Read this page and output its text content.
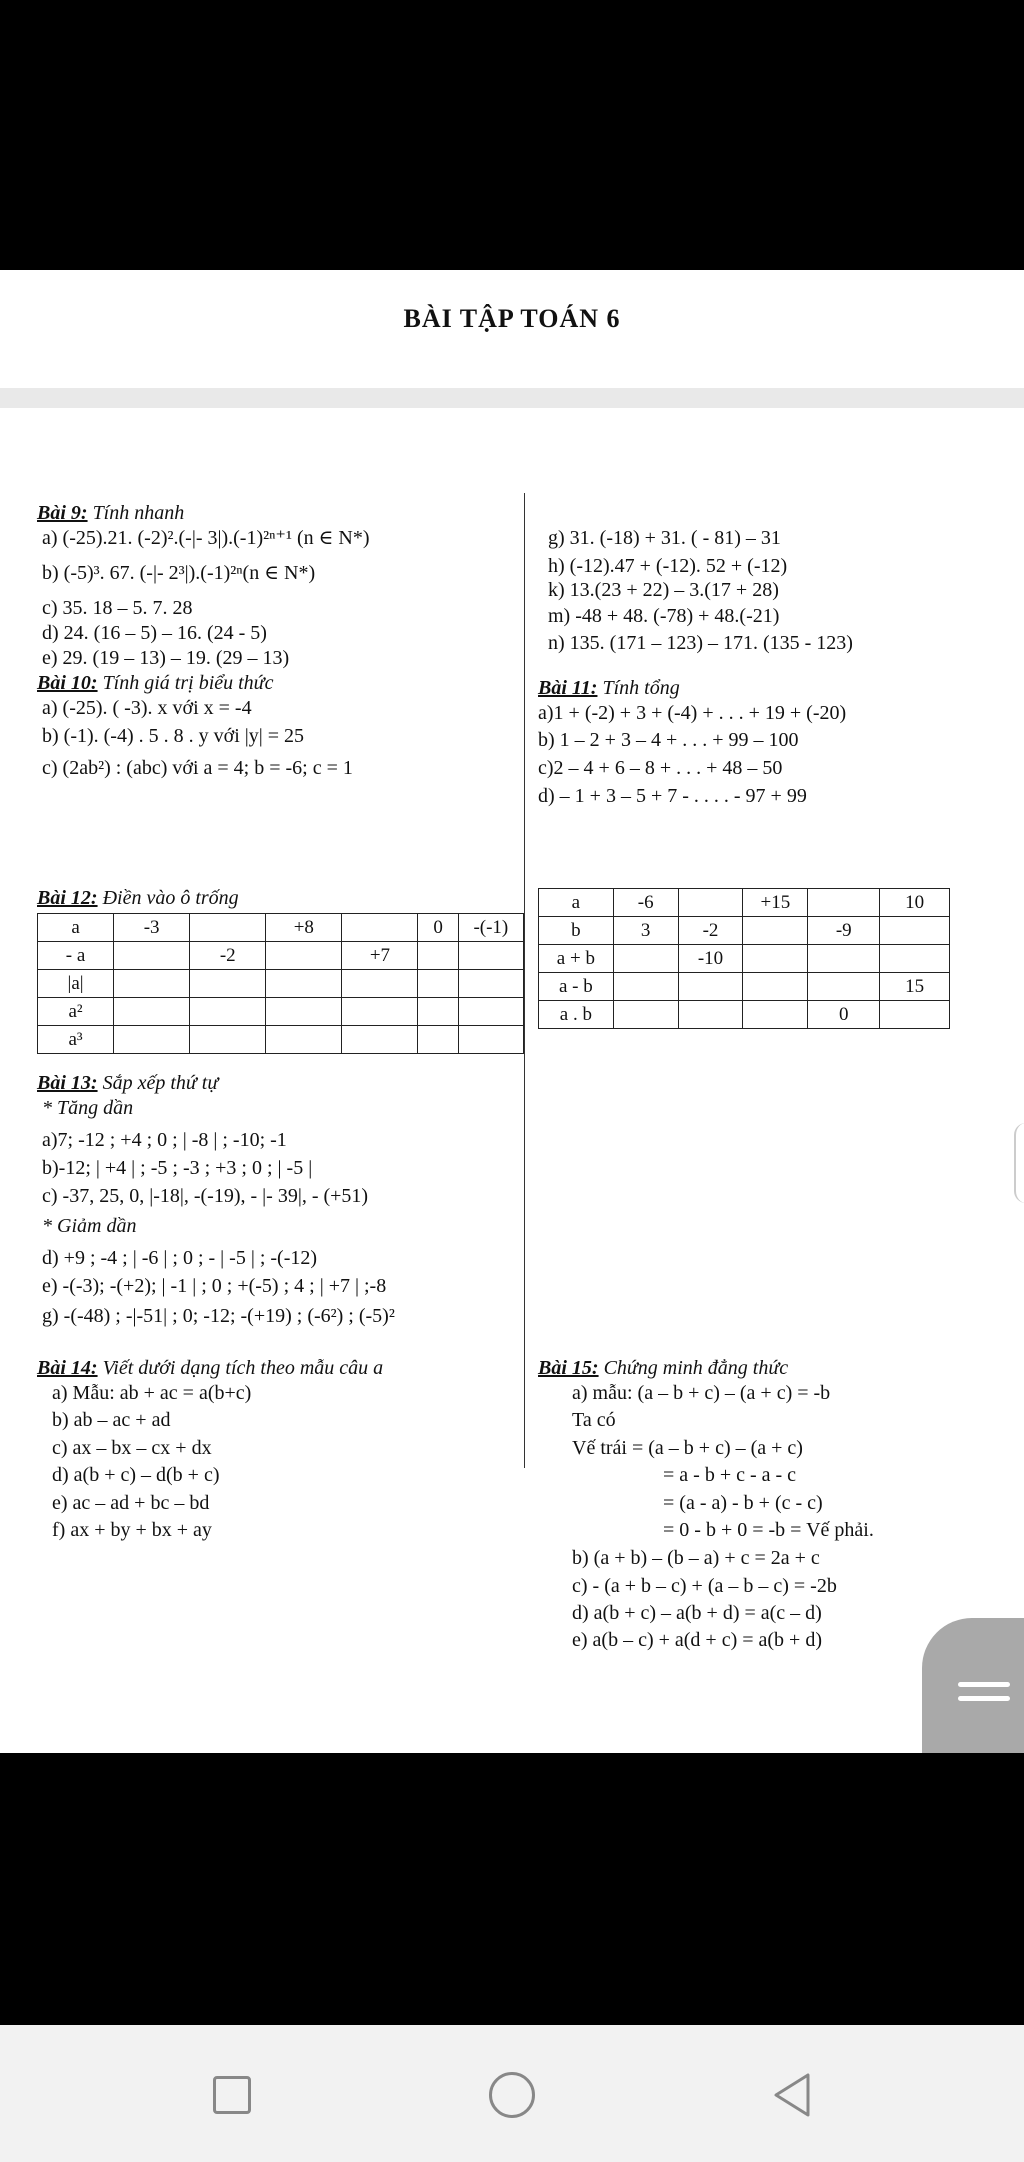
BÀI TẬP TOÁN 6
Bài 9: Tính nhanh
a) (-25).21. (-2)².(-|- 3|).(-1)²ⁿ⁺¹ (n ∈ N*)
b) (-5)³. 67. (-|- 2³|).(-1)²ⁿ(n ∈ N*)
c) 35. 18 – 5. 7. 28
d) 24. (16 – 5) – 16. (24 - 5)
e) 29. (19 – 13) – 19. (29 – 13)
Bài 10: Tính giá trị biểu thức
a) (-25). ( -3). x với x = -4
b) (-1). (-4) . 5 . 8 . y với |y| = 25
c) (2ab²) : (abc) với a = 4; b = -6; c = 1
Bài 12: Điền vào ô trống
Bài 13: Sắp xếp thứ tự
* Tăng dần
a)7; -12 ; +4 ; 0 ; | -8 | ; -10; -1
b)-12; | +4 | ; -5 ; -3 ; +3 ; 0 ; | -5 |
c) -37, 25, 0, |-18|, -(-19), - |- 39|, - (+51)
* Giảm dần
d) +9 ; -4 ; | -6 | ; 0 ; - | -5 | ; -(-12)
e) -(-3); -(+2); | -1 | ; 0 ; +(-5) ; 4 ; | +7 | ;-8
g) -(-48) ; -|-51| ; 0; -12; -(+19) ; (-6²) ; (-5)²
Bài 14: Viết dưới dạng tích theo mẫu câu a
a) Mẫu: ab + ac = a(b+c)
b) ab – ac + ad
c) ax – bx – cx + dx
d) a(b + c) – d(b + c)
e) ac – ad + bc – bd
f) ax + by + bx + ay
g) 31. (-18) + 31. ( - 81) – 31
h) (-12).47 + (-12). 52 + (-12)
k) 13.(23 + 22) – 3.(17 + 28)
m) -48 + 48. (-78) + 48.(-21)
n) 135. (171 – 123) – 171. (135 - 123)
Bài 11: Tính tổng
a)1 + (-2) + 3 + (-4) + . . . + 19 + (-20)
b) 1 – 2 + 3 – 4 + . . . + 99 – 100
c)2 – 4 + 6 – 8 + . . . + 48 – 50
d) – 1 + 3 – 5 + 7 - . . . . - 97 + 99
Bài 15: Chứng minh đẳng thức
a) mẫu: (a – b + c) – (a + c) = -b
Ta có
Vế trái = (a – b + c) – (a + c)
= a - b + c - a - c
= (a - a) - b + (c - c)
= 0 - b + 0 = -b = Vế phải.
b) (a + b) – (b – a) + c = 2a + c
c) - (a + b – c) + (a – b – c) = -2b
d) a(b + c) – a(b + d) = a(c – d)
e) a(b – c) + a(d + c) = a(b + d)
a	-3		+8		0	-(-1)
- a		-2		+7		
|a|						
a²						
a³						
a	-6		+15		10
b	3	-2		-9	
a + b		-10			
a - b					15
a . b				0	
